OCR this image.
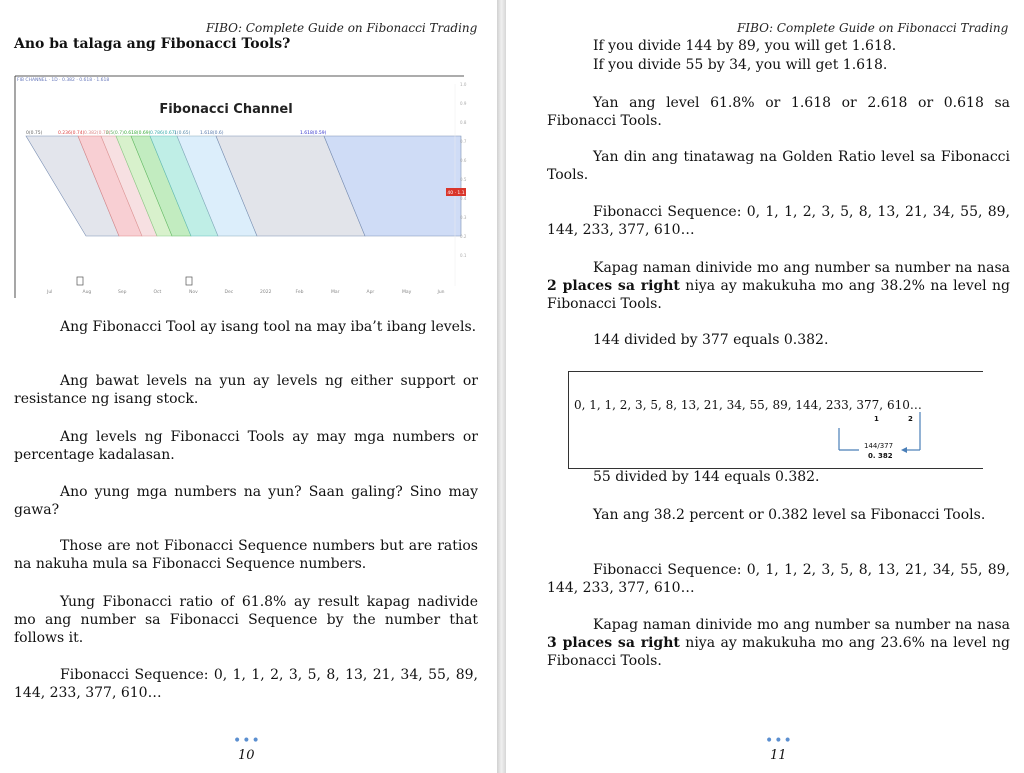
FIBO: Complete Guide on Fibonacci Trading
Ano ba talaga ang Fibonacci Tools?
FIB CHANNEL · 1D · 0.382 · 0.618 · 1.618
Fibonacci Channel
0(0.75)	0.236(0.74) 0.382(0.72)
0.5(0.7) 0.618(0.69) 0.786(0.67)
1(0.65) 1.618(0.6)	1.618(0.59)
1.0
0.9
0.8
0.7
0.6
0.5
0.4
0.3
0.2
0.1
40 · 1.1
Jul	Aug	Sep	Oct	Nov	Dec	2022	Feb	Mar	Apr	May	Jun
Ang Fibonacci Tool ay isang tool na may iba’t ibang levels.
Ang bawat levels na yun ay levels ng either support or resistance ng isang stock.
Ang levels ng Fibonacci Tools ay may mga numbers or percentage kadalasan.
Ano yung mga numbers na yun? Saan galing? Sino may gawa?
Those are not Fibonacci Sequence numbers but are ratios na nakuha mula sa Fibonacci Sequence numbers.
Yung Fibonacci ratio of 61.8% ay result kapag nadivide mo ang number sa Fibonacci Sequence by the number that follows it.
Fibonacci Sequence: 0, 1, 1, 2, 3, 5, 8, 13, 21, 34, 55, 89, 144, 233, 377, 610…
•••
10
FIBO: Complete Guide on Fibonacci Trading
If you divide 144 by 89, you will get 1.618.
If you divide 55 by 34, you will get 1.618.
Yan ang level 61.8% or 1.618 or 2.618 or 0.618 sa Fibonacci Tools.
Yan din ang tinatawag na Golden Ratio level sa Fibonacci Tools.
Fibonacci Sequence: 0, 1, 1, 2, 3, 5, 8, 13, 21, 34, 55, 89, 144, 233, 377, 610…
Kapag naman dinivide mo ang number sa number na nasa 2 places sa right niya ay makukuha mo ang 38.2% na level ng Fibonacci Tools.
144 divided by 377 equals 0.382.
0, 1, 1, 2, 3, 5, 8, 13, 21, 34, 55, 89, 144, 233, 377, 610…
1	2
144/377
0. 382
55 divided by 144 equals 0.382.
Yan ang 38.2 percent or 0.382 level sa Fibonacci Tools.
Fibonacci Sequence: 0, 1, 1, 2, 3, 5, 8, 13, 21, 34, 55, 89, 144, 233, 377, 610…
Kapag naman dinivide mo ang number sa number na nasa 3 places sa right niya ay makukuha mo ang 23.6% na level ng Fibonacci Tools.
•••
11
